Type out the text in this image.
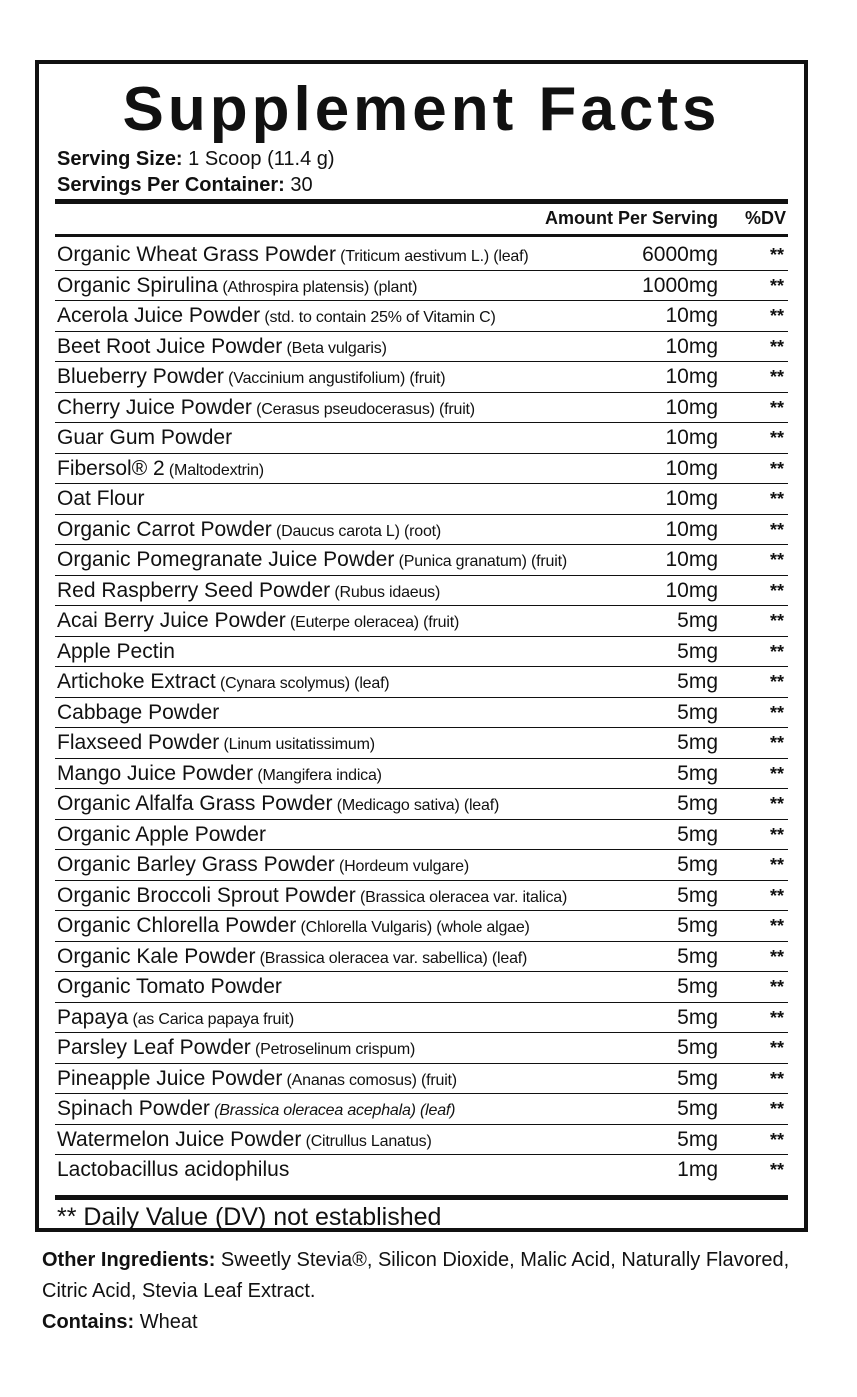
Supplement Facts
Serving Size: 1 Scoop (11.4 g)
Servings Per Container: 30
Amount Per Serving %DV
Organic Wheat Grass Powder (Triticum aestivum L.) (leaf)	6000mg	**
Organic Spirulina (Athrospira platensis) (plant)	1000mg	**
Acerola Juice Powder (std. to contain 25% of Vitamin C)	10mg	**
Beet Root Juice Powder (Beta vulgaris)	10mg	**
Blueberry Powder (Vaccinium angustifolium) (fruit)	10mg	**
Cherry Juice Powder (Cerasus pseudocerasus) (fruit)	10mg	**
Guar Gum Powder	10mg	**
Fibersol® 2 (Maltodextrin)	10mg	**
Oat Flour	10mg	**
Organic Carrot Powder (Daucus carota L) (root)	10mg	**
Organic Pomegranate Juice Powder (Punica granatum) (fruit)	10mg	**
Red Raspberry Seed Powder (Rubus idaeus)	10mg	**
Acai Berry Juice Powder (Euterpe oleracea) (fruit)	5mg	**
Apple Pectin	5mg	**
Artichoke Extract (Cynara scolymus) (leaf)	5mg	**
Cabbage Powder	5mg	**
Flaxseed Powder (Linum usitatissimum)	5mg	**
Mango Juice Powder (Mangifera indica)	5mg	**
Organic Alfalfa Grass Powder (Medicago sativa) (leaf)	5mg	**
Organic Apple Powder	5mg	**
Organic Barley Grass Powder (Hordeum vulgare)	5mg	**
Organic Broccoli Sprout Powder (Brassica oleracea var. italica)	5mg	**
Organic Chlorella Powder (Chlorella Vulgaris) (whole algae)	5mg	**
Organic Kale Powder (Brassica oleracea var. sabellica) (leaf)	5mg	**
Organic Tomato Powder	5mg	**
Papaya (as Carica papaya fruit)	5mg	**
Parsley Leaf Powder (Petroselinum crispum)	5mg	**
Pineapple Juice Powder (Ananas comosus) (fruit)	5mg	**
Spinach Powder (Brassica oleracea acephala) (leaf)	5mg	**
Watermelon Juice Powder (Citrullus Lanatus)	5mg	**
Lactobacillus acidophilus	1mg	**
** Daily Value (DV) not established
Other Ingredients: Sweetly Stevia®, Silicon Dioxide, Malic Acid, Naturally Flavored, Citric Acid, Stevia Leaf Extract.
Contains: Wheat
